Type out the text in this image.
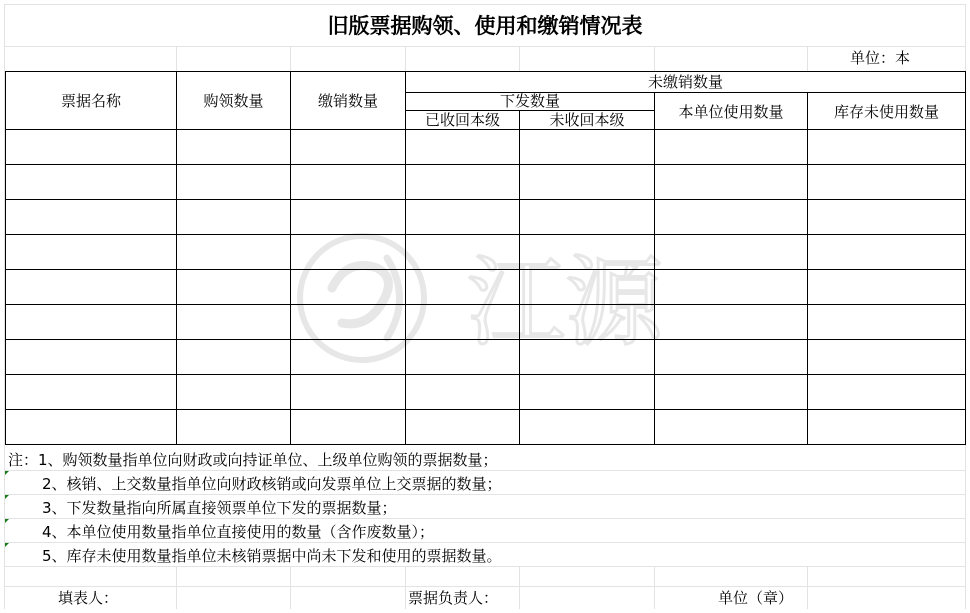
旧版票据购领、使用和缴销情况表
单位：本
票据名称	购领数量	缴销数量	未缴销数量			
			下发数量		本单位使用数量	库存未使用数量
			已收回本级	未收回本级		

注：1、购领数量指单位向财政或向持证单位、上级单位购领的票据数量；
2、核销、上交数量指单位向财政核销或向发票单位上交票据的数量；
3、下发数量指向所属直接领票单位下发的票据数量；
4、本单位使用数量指单位直接使用的数量（含作废数量）；
5、库存未使用数量指单位未核销票据中尚未下发和使用的票据数量。
填表人：	票据负责人：	单位（章）
江源
